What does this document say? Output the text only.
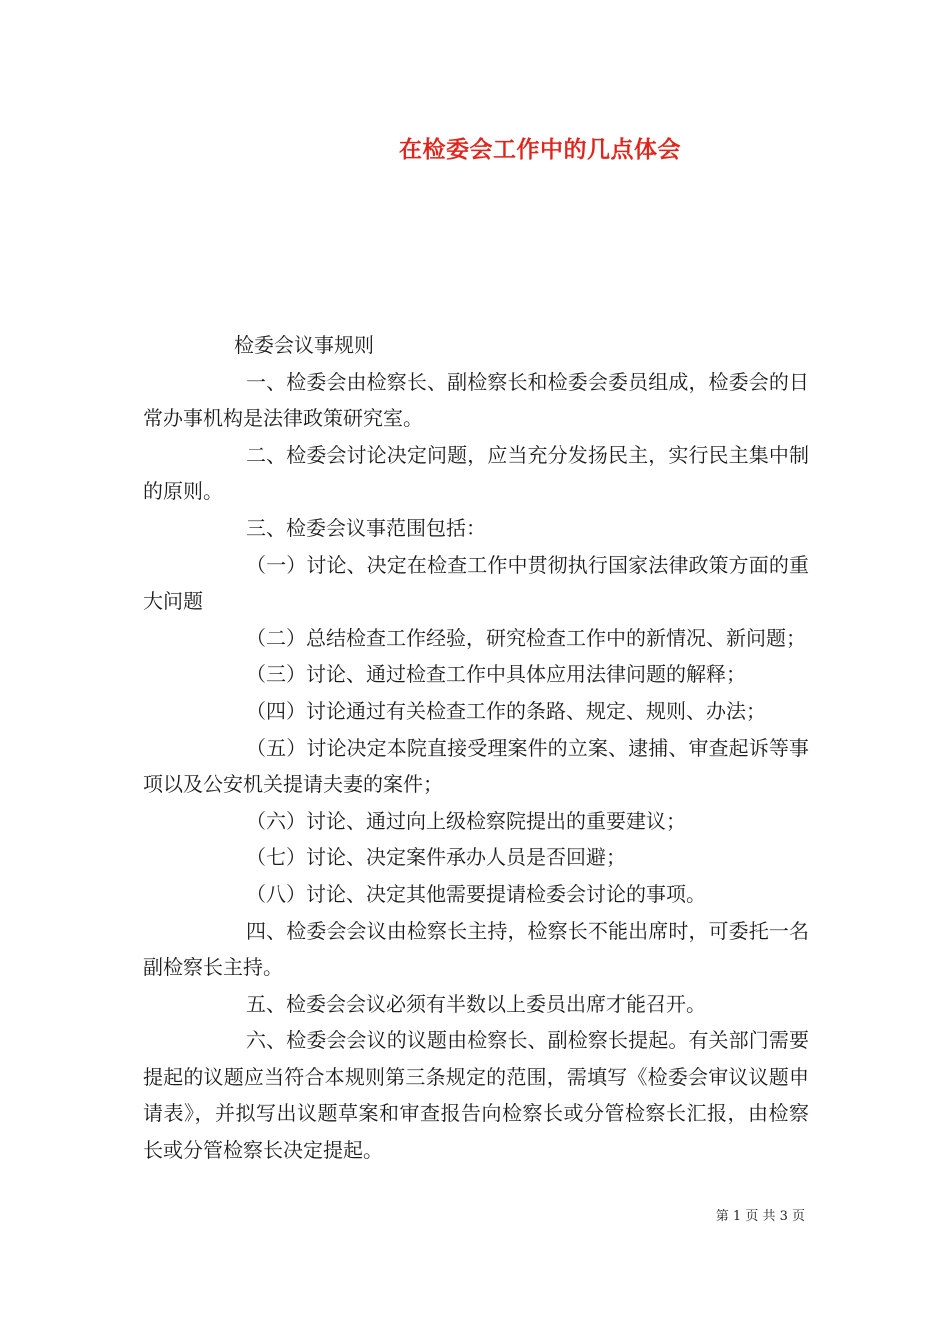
在检委会工作中的几点体会
检委会议事规则
一、检委会由检察长、副检察长和检委会委员组成，检委会的日常办事机构是法律政策研究室。
二、检委会讨论决定问题，应当充分发扬民主，实行民主集中制的原则。
三、检委会议事范围包括：
（一）讨论、决定在检查工作中贯彻执行国家法律政策方面的重大问题
（二）总结检查工作经验，研究检查工作中的新情况、新问题；
（三）讨论、通过检查工作中具体应用法律问题的解释；
（四）讨论通过有关检查工作的条路、规定、规则、办法；
（五）讨论决定本院直接受理案件的立案、逮捕、审查起诉等事项以及公安机关提请夫妻的案件；
（六）讨论、通过向上级检察院提出的重要建议；
（七）讨论、决定案件承办人员是否回避；
（八）讨论、决定其他需要提请检委会讨论的事项。
四、检委会会议由检察长主持，检察长不能出席时，可委托一名副检察长主持。
五、检委会会议必须有半数以上委员出席才能召开。
六、检委会会议的议题由检察长、副检察长提起。有关部门需要提起的议题应当符合本规则第三条规定的范围，需填写《检委会审议议题申请表》，并拟写出议题草案和审查报告向检察长或分管检察长汇报，由检察长或分管检察长决定提起。
第 1 页 共 3 页
